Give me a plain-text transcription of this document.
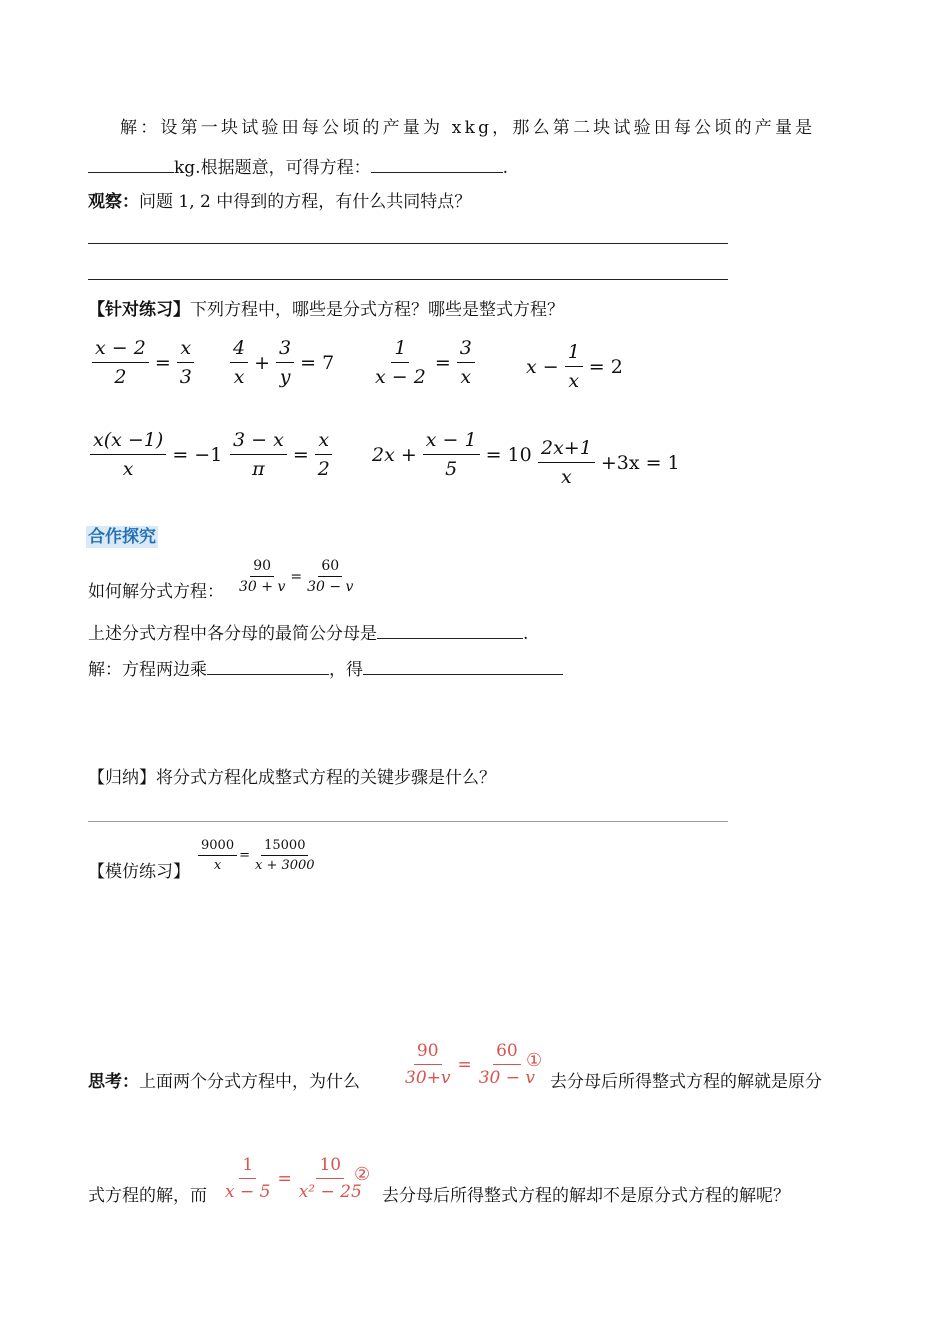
解：设第一块试验田每公顷的产量为 xkg，那么第二块试验田每公顷的产量是
kg.根据题意，可得方程：	.
观察：问题 1, 2 中得到的方程，有什么共同特点？
【针对练习】下列方程中，哪些是分式方程？哪些是整式方程？
$\frac{x - 2}{2} = \frac{x}{3} \frac{4}{x} + \frac{3}{y} = 7 \frac{1}{x - 2} = \frac{3}{x}$	$x - \frac{1}{x} = 2$
$\frac{x(x -1)}{x} = -1 \frac{3 - x}{\pi} = \frac{x}{2} 2x + \frac{x - 1}{5} = 10 \frac{2x+1}{x} +3x = 1$
合作探究
如何解分式方程： $\frac{90}{30 + v} = \frac{60}{30 - v}$
上述分式方程中各分母的最简公分母是	.
解：方程两边乘	，得
【归纳】将分式方程化成整式方程的关键步骤是什么？
【模仿练习】 $\frac{9000}{x} = \frac{15000}{x + 3000}$
思考：上面两个分式方程中，为什么 $\frac{90}{30+v} = \frac{60}{30 - v}$
①
去分母后所得整式方程的解就是原分
式方程的解，而 $\frac{1}{x - 5} = \frac{10}{\text{x² − 25}}$
②
去分母后所得整式方程的解却不是原分式方程的解呢？
